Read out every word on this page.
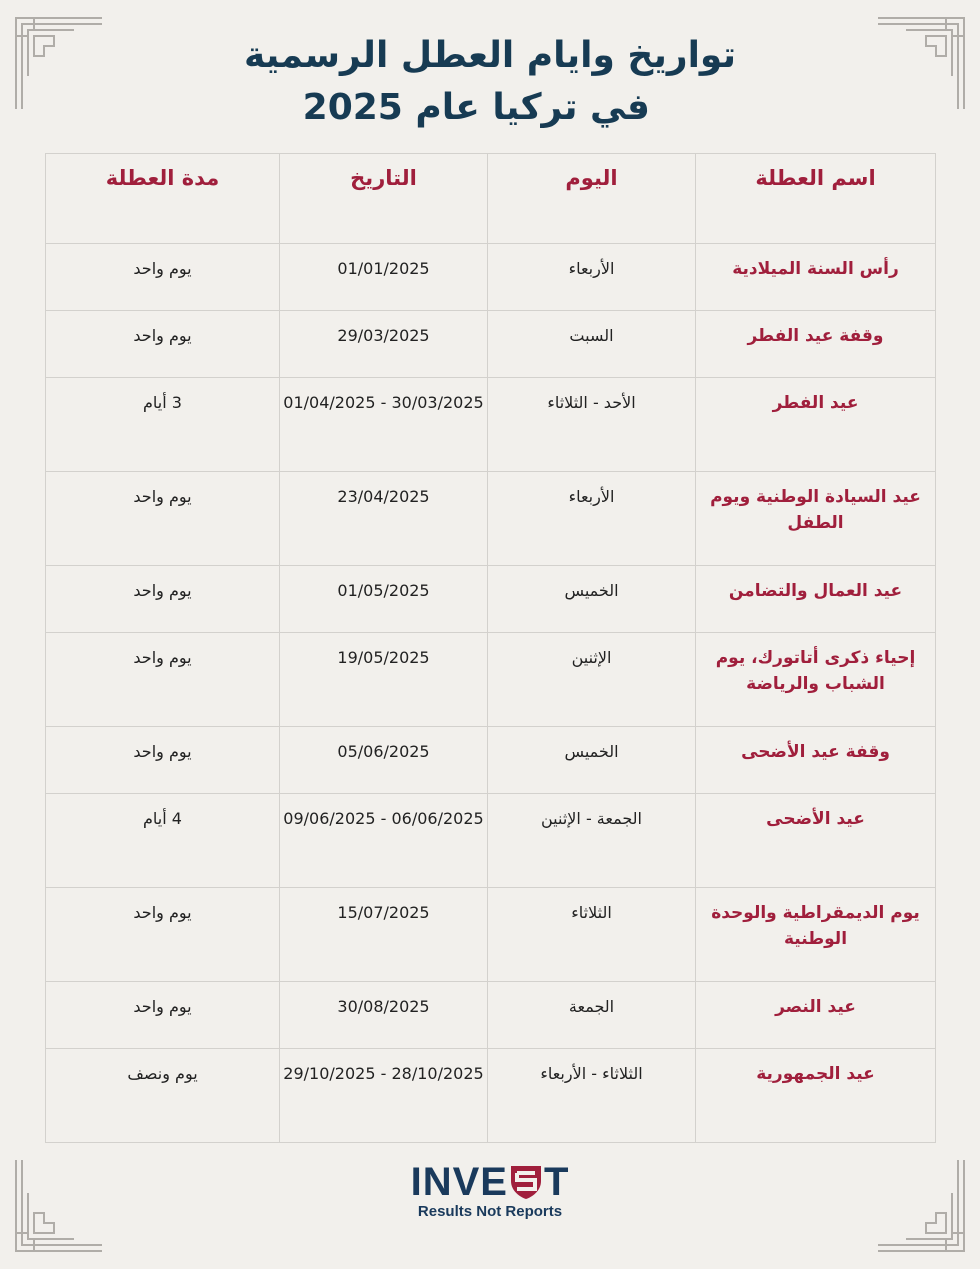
تواريخ وايام العطل الرسمية
في تركيا عام 2025
اسم العطلة	اليوم	التاريخ	مدة العطلة
رأس السنة الميلادية	الأربعاء	01/01/2025	يوم واحد
وقفة عيد الفطر	السبت	29/03/2025	يوم واحد
عيد الفطر	الأحد - الثلاثاء	30/03/2025 - 01/04/2025	3 أيام
عيد السيادة الوطنية ويوم الطفل	الأربعاء	23/04/2025	يوم واحد
عيد العمال والتضامن	الخميس	01/05/2025	يوم واحد
إحياء ذكرى أتاتورك، يوم الشباب والرياضة	الإثنين	19/05/2025	يوم واحد
وقفة عيد الأضحى	الخميس	05/06/2025	يوم واحد
عيد الأضحى	الجمعة - الإثنين	06/06/2025 - 09/06/2025	4 أيام
يوم الديمقراطية والوحدة الوطنية	الثلاثاء	15/07/2025	يوم واحد
عيد النصر	الجمعة	30/08/2025	يوم واحد
عيد الجمهورية	الثلاثاء - الأربعاء	28/10/2025 - 29/10/2025	يوم ونصف
INVE T
Results Not Reports
